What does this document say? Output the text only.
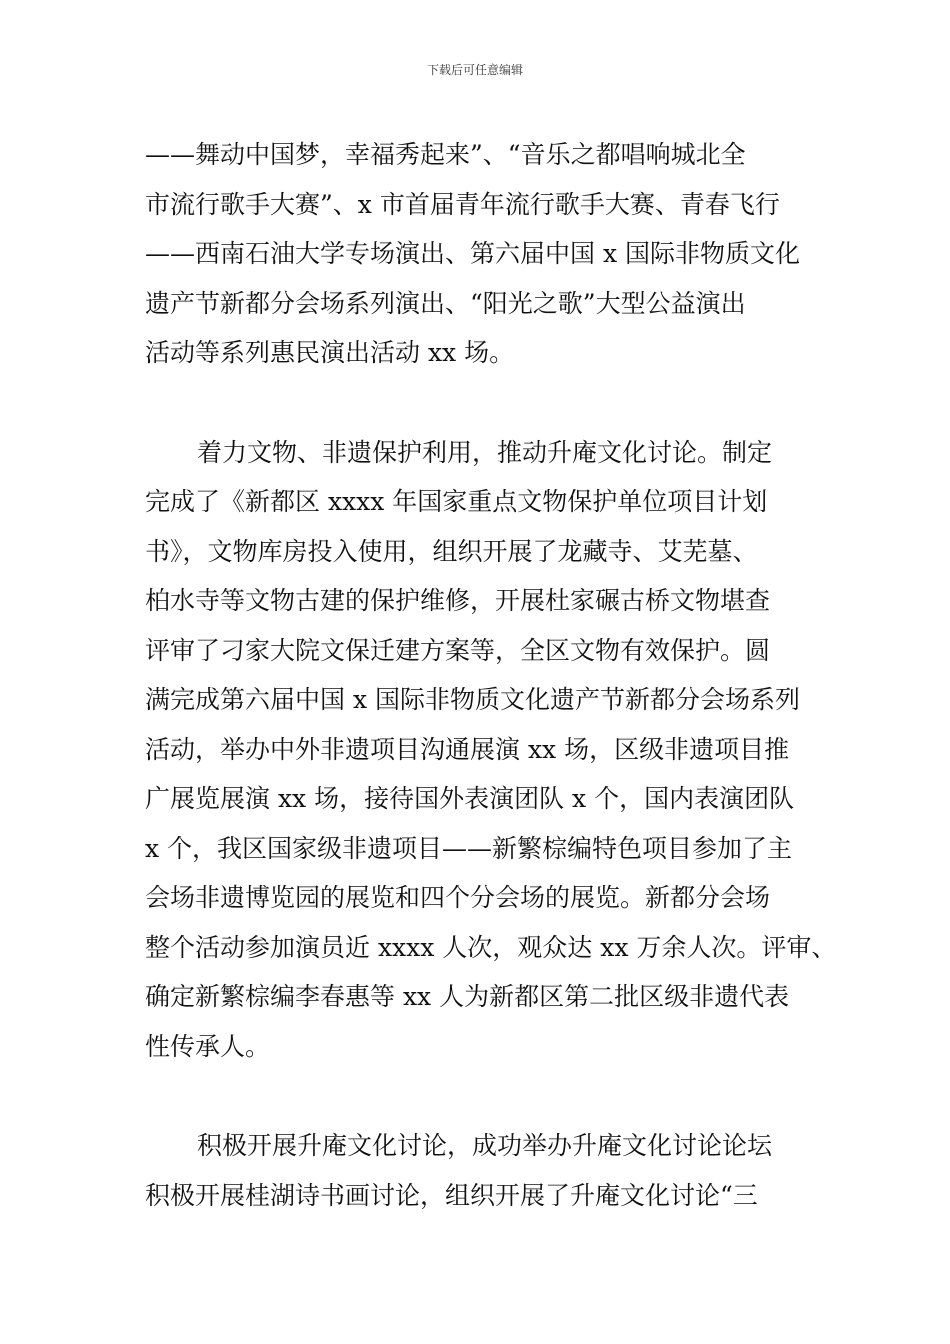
下载后可任意编辑
——舞动中国梦，幸福秀起来”、“音乐之都唱响城北全
市流行歌手大赛”、x 市首届青年流行歌手大赛、青春飞行
——西南石油大学专场演出、第六届中国 x 国际非物质文化
遗产节新都分会场系列演出、“阳光之歌”大型公益演出
活动等系列惠民演出活动 xx 场。
着力文物、非遗保护利用，推动升庵文化讨论。制定
完成了《新都区 xxxx 年国家重点文物保护单位项目计划
书》，文物库房投入使用，组织开展了龙藏寺、艾芜墓、
柏水寺等文物古建的保护维修，开展杜家碾古桥文物堪查
评审了刁家大院文保迁建方案等，全区文物有效保护。圆
满完成第六届中国 x 国际非物质文化遗产节新都分会场系列
活动，举办中外非遗项目沟通展演 xx 场，区级非遗项目推
广展览展演 xx 场，接待国外表演团队 x 个，国内表演团队
x 个，我区国家级非遗项目——新繁棕编特色项目参加了主
会场非遗博览园的展览和四个分会场的展览。新都分会场
整个活动参加演员近 xxxx 人次，观众达 xx 万余人次。评审、
确定新繁棕编李春惠等 xx 人为新都区第二批区级非遗代表
性传承人。
积极开展升庵文化讨论，成功举办升庵文化讨论论坛
积极开展桂湖诗书画讨论，组织开展了升庵文化讨论“三
